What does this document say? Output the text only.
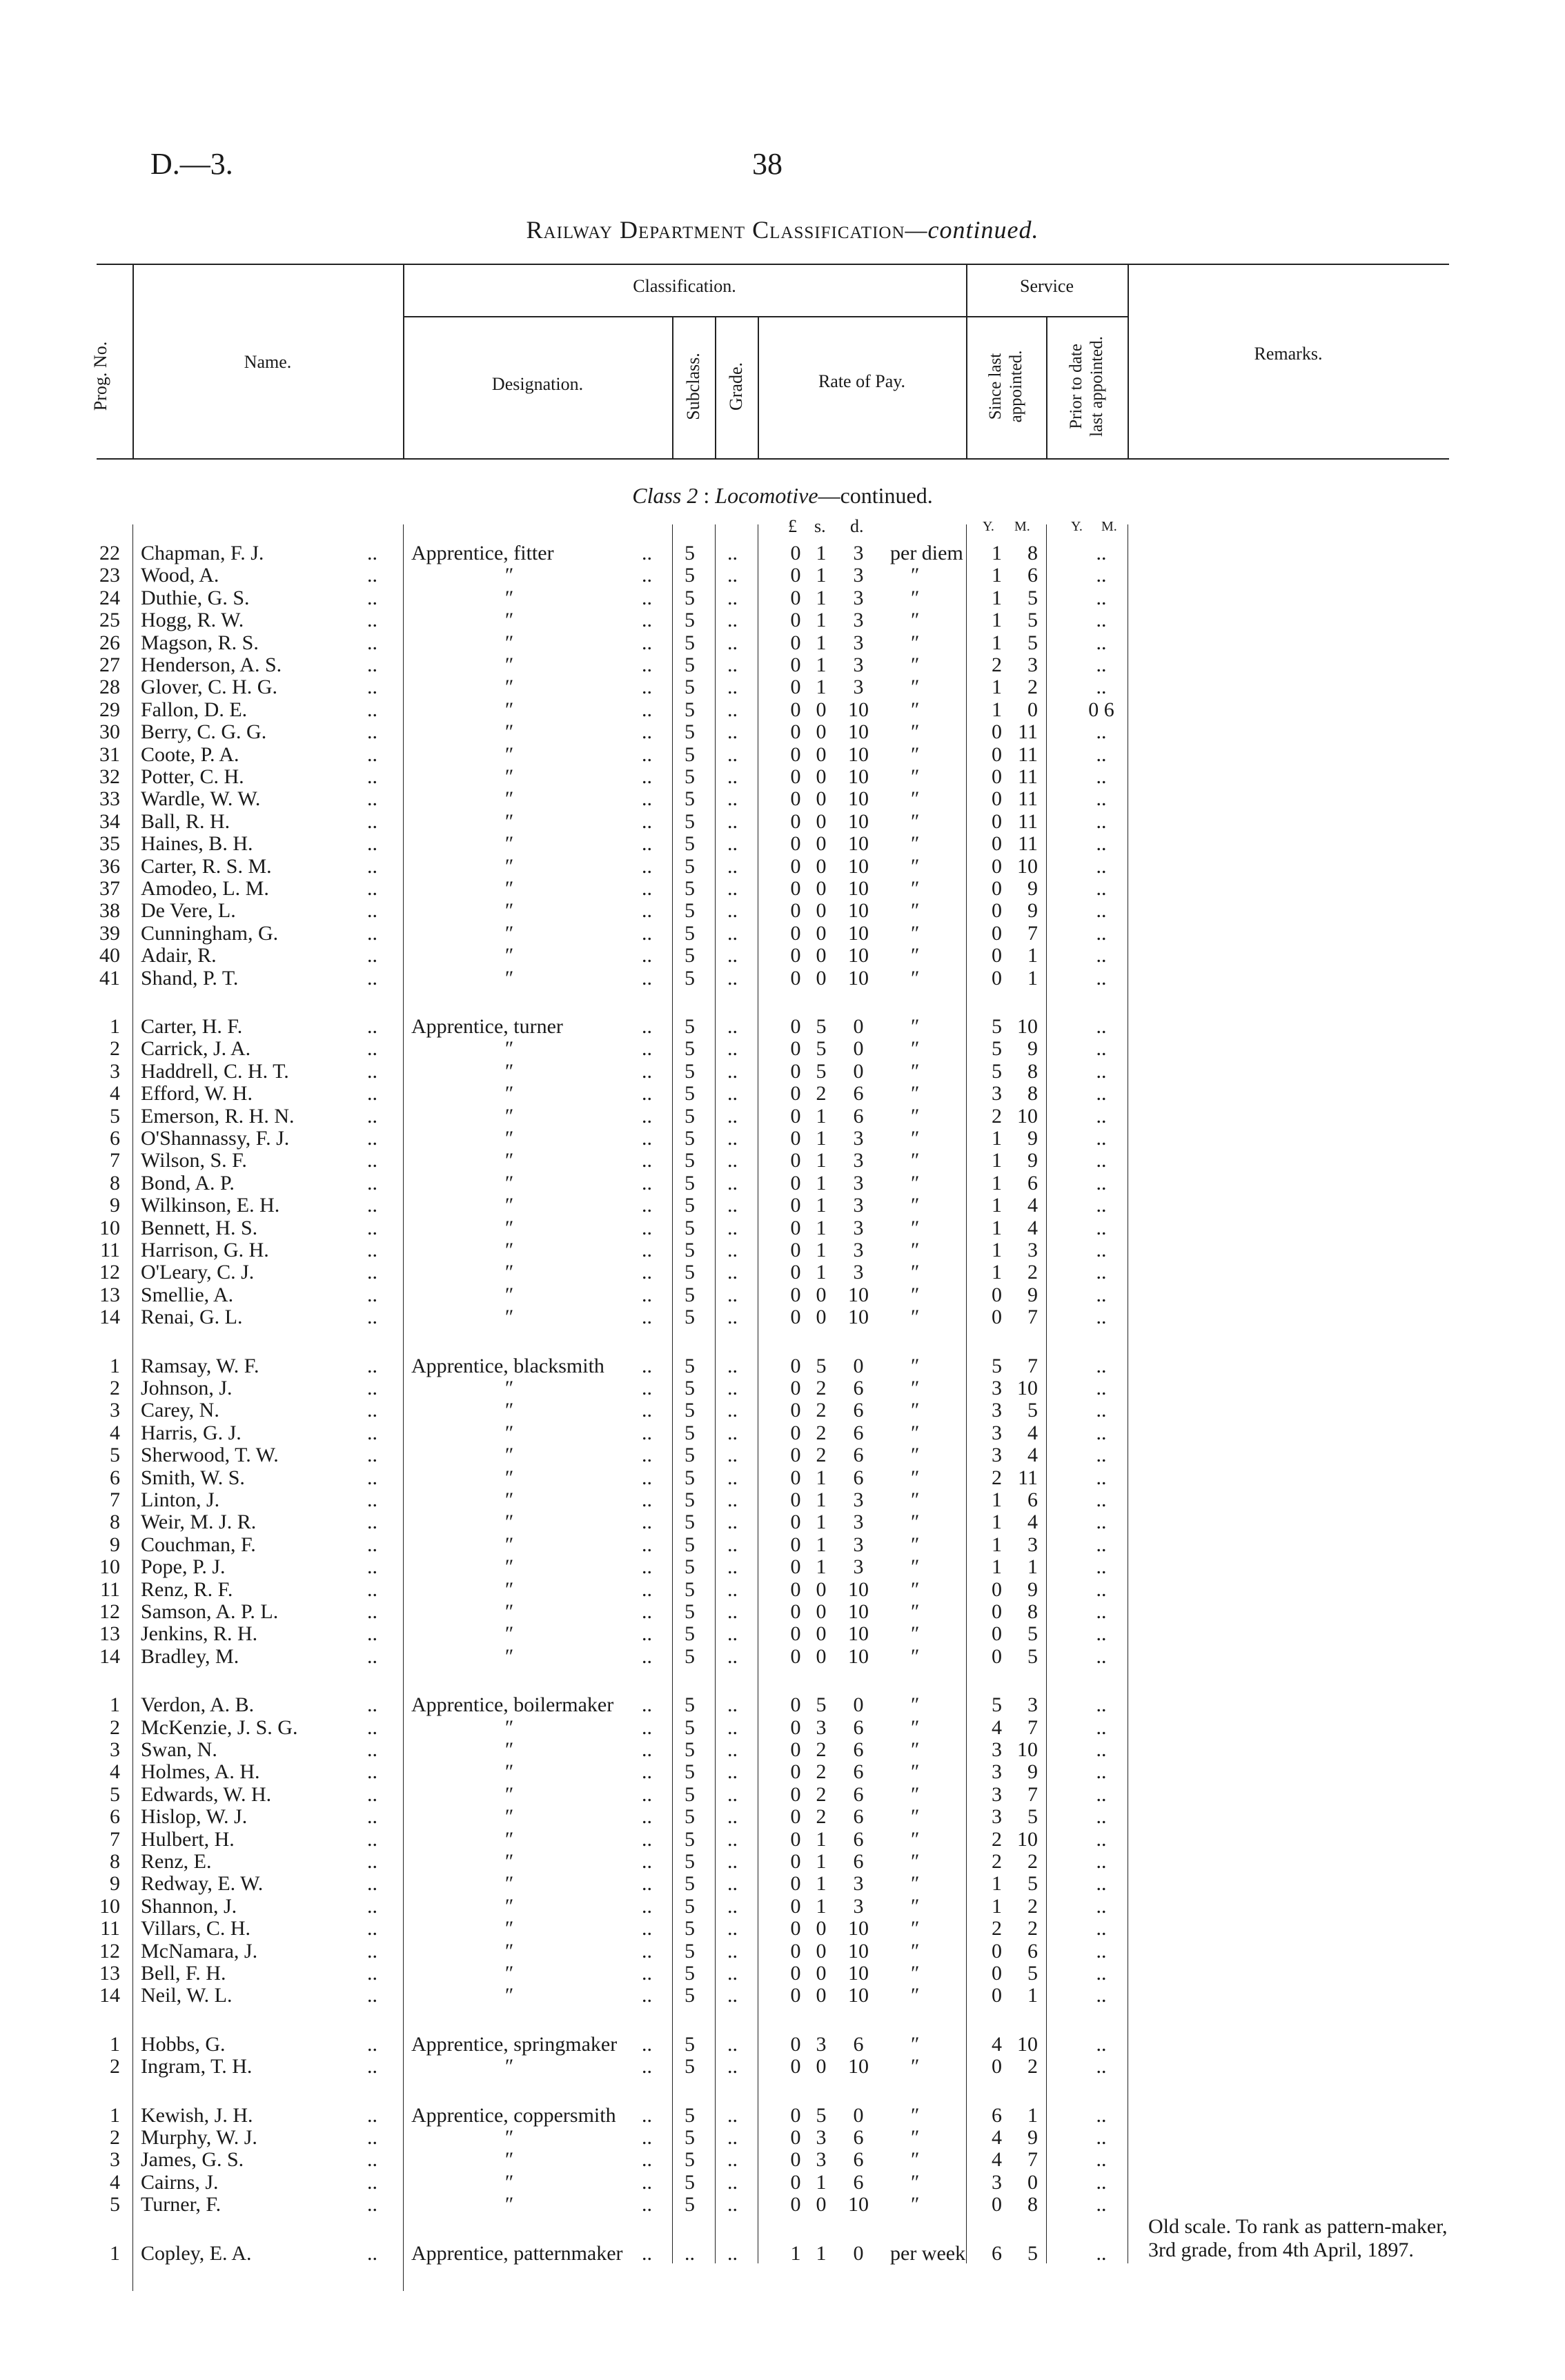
D.—3.	38
Railway Department Classification—continued.
Prog. No.	Name.
Classification.
Designation.	Subclass. Grade.	Rate of Pay.
Service
Since last appointed. Prior to date last appointed.	Remarks.
Class 2 : Locomotive—continued.
£ s. d.	Y. M.	Y. M.
22 Chapman, F. J.	.. Apprentice, fitter	.. 5 ..	0 1	3	per diem	1	8	..
23 Wood, A.	..	″	.. 5 ..	0 1	3	″	1	6	..
24 Duthie, G. S.	..	″	.. 5 ..	0 1	3	″	1	5	..
25 Hogg, R. W.	..	″	.. 5 ..	0 1	3	″	1	5	..
26 Magson, R. S.	..	″	.. 5 ..	0 1	3	″	1	5	..
27 Henderson, A. S.	..	″	.. 5 ..	0 1	3	″	2	3	..
28 Glover, C. H. G.	..	″	.. 5 ..	0 1	3	″	1	2	..
29 Fallon, D. E.	..	″	.. 5 ..	0 0	10	″	1	0	0 6
30 Berry, C. G. G.	..	″	.. 5 ..	0 0	10	″	0 11	..
31 Coote, P. A.	..	″	.. 5 ..	0 0	10	″	0 11	..
32 Potter, C. H.	..	″	.. 5 ..	0 0	10	″	0 11	..
33 Wardle, W. W.	..	″	.. 5 ..	0 0	10	″	0 11	..
34 Ball, R. H.	..	″	.. 5 ..	0 0	10	″	0 11	..
35 Haines, B. H.	..	″	.. 5 ..	0 0	10	″	0 11	..
36 Carter, R. S. M.	..	″	.. 5 ..	0 0	10	″	0 10	..
37 Amodeo, L. M.	..	″	.. 5 ..	0 0	10	″	0	9	..
38 De Vere, L.	..	″	.. 5 ..	0 0	10	″	0	9	..
39 Cunningham, G.	..	″	.. 5 ..	0 0	10	″	0	7	..
40 Adair, R.	..	″	.. 5 ..	0 0	10	″	0	1	..
41 Shand, P. T.	..	″	.. 5 ..	0 0	10	″	0	1	..
1 Carter, H. F.	.. Apprentice, turner	.. 5 ..	0 5	0	″	5 10	..
2 Carrick, J. A.	..	″	.. 5 ..	0 5	0	″	5	9	..
3 Haddrell, C. H. T.	..	″	.. 5 ..	0 5	0	″	5	8	..
4 Efford, W. H.	..	″	.. 5 ..	0 2	6	″	3	8	..
5 Emerson, R. H. N.	..	″	.. 5 ..	0 1	6	″	2 10	..
6 O'Shannassy, F. J.	..	″	.. 5 ..	0 1	3	″	1	9	..
7 Wilson, S. F.	..	″	.. 5 ..	0 1	3	″	1	9	..
8 Bond, A. P.	..	″	.. 5 ..	0 1	3	″	1	6	..
9 Wilkinson, E. H.	..	″	.. 5 ..	0 1	3	″	1	4	..
10 Bennett, H. S.	..	″	.. 5 ..	0 1	3	″	1	4	..
11 Harrison, G. H.	..	″	.. 5 ..	0 1	3	″	1	3	..
12 O'Leary, C. J.	..	″	.. 5 ..	0 1	3	″	1	2	..
13 Smellie, A.	..	″	.. 5 ..	0 0	10	″	0	9	..
14 Renai, G. L.	..	″	.. 5 ..	0 0	10	″	0	7	..
1 Ramsay, W. F.	.. Apprentice, blacksmith .. 5 ..	0 5	0	″	5	7	..
2 Johnson, J.	..	″	.. 5 ..	0 2	6	″	3 10	..
3 Carey, N.	..	″	.. 5 ..	0 2	6	″	3	5	..
4 Harris, G. J.	..	″	.. 5 ..	0 2	6	″	3	4	..
5 Sherwood, T. W.	..	″	.. 5 ..	0 2	6	″	3	4	..
6 Smith, W. S.	..	″	.. 5 ..	0 1	6	″	2 11	..
7 Linton, J.	..	″	.. 5 ..	0 1	3	″	1	6	..
8 Weir, M. J. R.	..	″	.. 5 ..	0 1	3	″	1	4	..
9 Couchman, F.	..	″	.. 5 ..	0 1	3	″	1	3	..
10 Pope, P. J.	..	″	.. 5 ..	0 1	3	″	1	1	..
11 Renz, R. F.	..	″	.. 5 ..	0 0	10	″	0	9	..
12 Samson, A. P. L.	..	″	.. 5 ..	0 0	10	″	0	8	..
13 Jenkins, R. H.	..	″	.. 5 ..	0 0	10	″	0	5	..
14 Bradley, M.	..	″	.. 5 ..	0 0	10	″	0	5	..
1 Verdon, A. B.	.. Apprentice, boilermaker .. 5 ..	0 5	0	″	5	3	..
2 McKenzie, J. S. G.	..	″	.. 5 ..	0 3	6	″	4	7	..
3 Swan, N.	..	″	.. 5 ..	0 2	6	″	3 10	..
4 Holmes, A. H.	..	″	.. 5 ..	0 2	6	″	3	9	..
5 Edwards, W. H.	..	″	.. 5 ..	0 2	6	″	3	7	..
6 Hislop, W. J.	..	″	.. 5 ..	0 2	6	″	3	5	..
7 Hulbert, H.	..	″	.. 5 ..	0 1	6	″	2 10	..
8 Renz, E.	..	″	.. 5 ..	0 1	6	″	2	2	..
9 Redway, E. W.	..	″	.. 5 ..	0 1	3	″	1	5	..
10 Shannon, J.	..	″	.. 5 ..	0 1	3	″	1	2	..
11 Villars, C. H.	..	″	.. 5 ..	0 0	10	″	2	2	..
12 McNamara, J.	..	″	.. 5 ..	0 0	10	″	0	6	..
13 Bell, F. H.	..	″	.. 5 ..	0 0	10	″	0	5	..
14 Neil, W. L.	..	″	.. 5 ..	0 0	10	″	0	1	..
1 Hobbs, G.	.. Apprentice, springmaker .. 5 ..	0 3	6	″	4 10	..
2 Ingram, T. H.	..	″	.. 5 ..	0 0	10	″	0	2	..
1 Kewish, J. H.	.. Apprentice, coppersmith .. 5 ..	0 5	0	″	6	1	..
2 Murphy, W. J.	..	″	.. 5 ..	0 3	6	″	4	9	..
3 James, G. S.	..	″	.. 5 ..	0 3	6	″	4	7	..
4 Cairns, J.	..	″	.. 5 ..	0 1	6	″	3	0	..
5 Turner, F.	..	″	.. 5 ..	0 0	10	″	0	8	..
1 Copley, E. A.	.. Apprentice, patternmaker .. .. ..	1 1	0	per week	6	5	..
Old scale. To rank as pattern-maker, 3rd grade, from 4th April, 1897.
